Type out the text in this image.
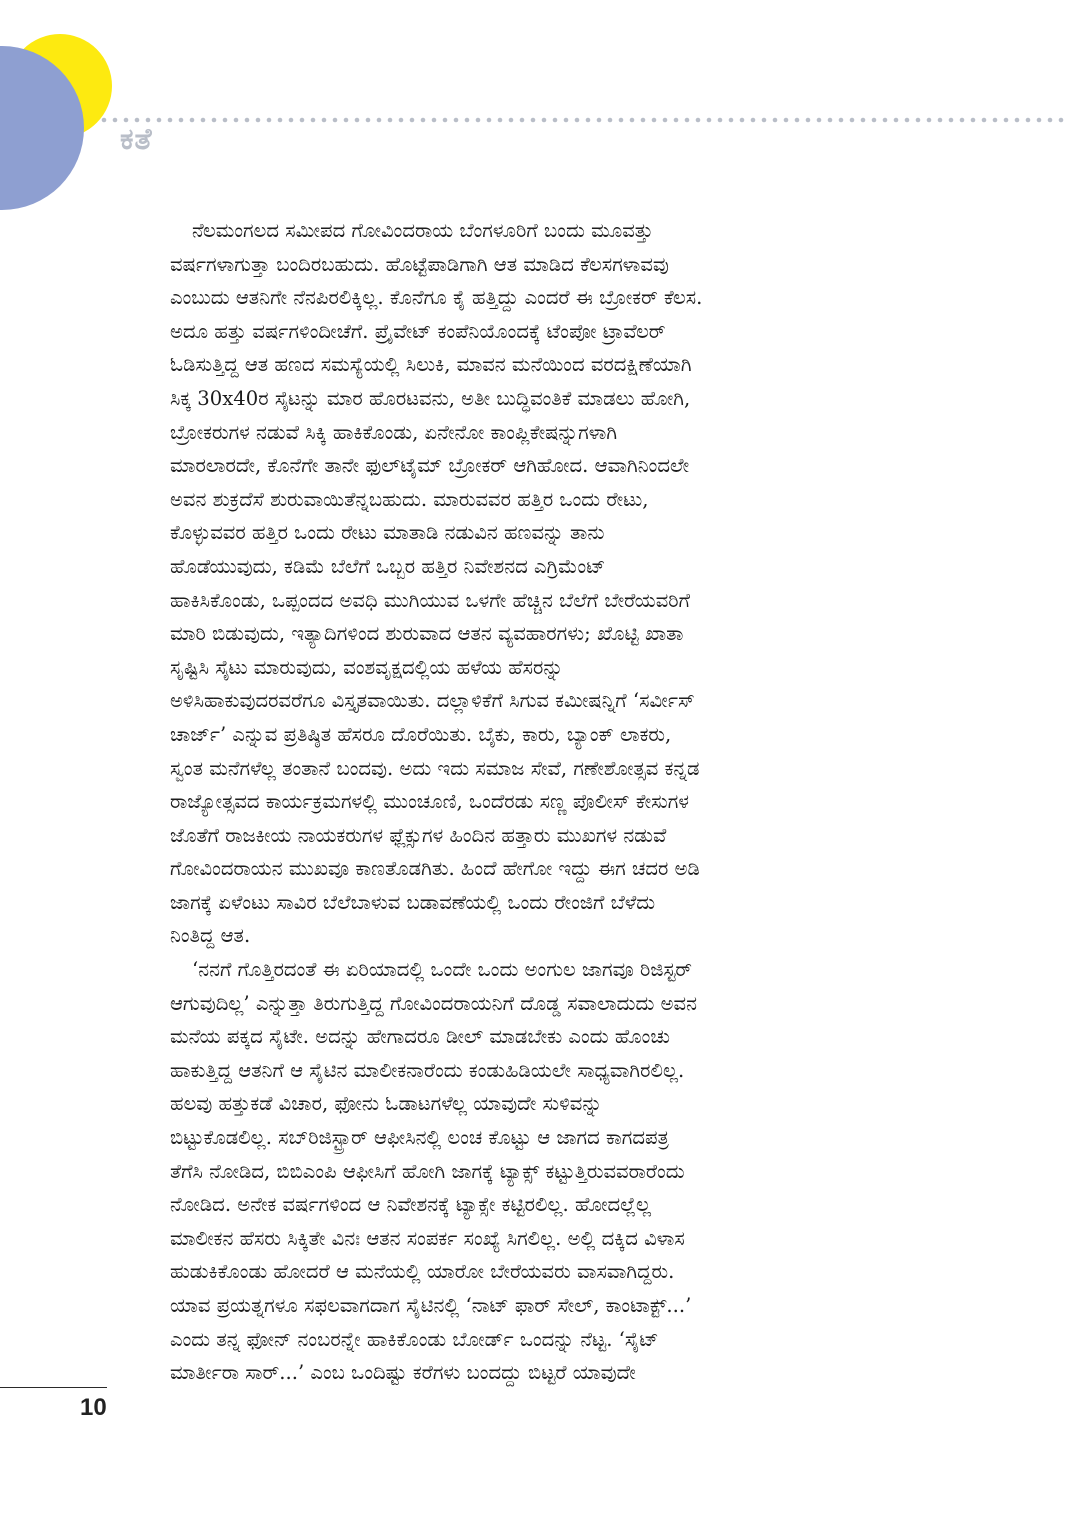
ಕತೆ

ನೆಲಮಂಗಲದ ಸಮೀಪದ ಗೋವಿಂದರಾಯ ಬೆಂಗಳೂರಿಗೆ ಬಂದು ಮೂವತ್ತು
ವರ್ಷಗಳಾಗುತ್ತಾ ಬಂದಿರಬಹುದು. ಹೊಟ್ಟೆಪಾಡಿಗಾಗಿ ಆತ ಮಾಡಿದ ಕೆಲಸಗಳಾವವು
ಎಂಬುದು ಆತನಿಗೇ ನೆನಪಿರಲಿಕ್ಕಿಲ್ಲ. ಕೊನೆಗೂ ಕೈ ಹತ್ತಿದ್ದು ಎಂದರೆ ಈ ಬ್ರೋಕರ್ ಕೆಲಸ.
ಅದೂ ಹತ್ತು ವರ್ಷಗಳಿಂದೀಚೆಗೆ. ಪ್ರೈವೇಟ್ ಕಂಪೆನಿಯೊಂದಕ್ಕೆ ಟೆಂಪೋ ಟ್ರಾವೆಲರ್
ಓಡಿಸುತ್ತಿದ್ದ ಆತ ಹಣದ ಸಮಸ್ಯೆಯಲ್ಲಿ ಸಿಲುಕಿ, ಮಾವನ ಮನೆಯಿಂದ ವರದಕ್ಷಿಣೆಯಾಗಿ
ಸಿಕ್ಕ 30x40ರ ಸೈಟನ್ನು ಮಾರ ಹೊರಟವನು, ಅತೀ ಬುದ್ಧಿವಂತಿಕೆ ಮಾಡಲು ಹೋಗಿ,
ಬ್ರೋಕರುಗಳ ನಡುವೆ ಸಿಕ್ಕಿ ಹಾಕಿಕೊಂಡು, ಏನೇನೋ ಕಾಂಪ್ಲಿಕೇಷನ್ನುಗಳಾಗಿ
ಮಾರಲಾರದೇ, ಕೊನೆಗೇ ತಾನೇ ಫುಲ್‌ಟೈಮ್ ಬ್ರೋಕರ್ ಆಗಿಹೋದ. ಆವಾಗಿನಿಂದಲೇ
ಅವನ ಶುಕ್ರದೆಸೆ ಶುರುವಾಯಿತೆನ್ನಬಹುದು. ಮಾರುವವರ ಹತ್ತಿರ ಒಂದು ರೇಟು,
ಕೊಳ್ಳುವವರ ಹತ್ತಿರ ಒಂದು ರೇಟು ಮಾತಾಡಿ ನಡುವಿನ ಹಣವನ್ನು ತಾನು
ಹೊಡೆಯುವುದು, ಕಡಿಮೆ ಬೆಲೆಗೆ ಒಬ್ಬರ ಹತ್ತಿರ ನಿವೇಶನದ ಎಗ್ರಿಮೆಂಟ್
ಹಾಕಿಸಿಕೊಂಡು, ಒಪ್ಪಂದದ ಅವಧಿ ಮುಗಿಯುವ ಒಳಗೇ ಹೆಚ್ಚಿನ ಬೆಲೆಗೆ ಬೇರೆಯವರಿಗೆ
ಮಾರಿ ಬಿಡುವುದು, ಇತ್ಯಾದಿಗಳಿಂದ ಶುರುವಾದ ಆತನ ವ್ಯವಹಾರಗಳು; ಖೊಟ್ಟಿ ಖಾತಾ
ಸೃಷ್ಟಿಸಿ ಸೈಟು ಮಾರುವುದು, ವಂಶವೃಕ್ಷದಲ್ಲಿಯ ಹಳೆಯ ಹೆಸರನ್ನು
ಅಳಿಸಿಹಾಕುವುದರವರೆಗೂ ವಿಸ್ತೃತವಾಯಿತು. ದಲ್ಲಾಳಿಕೆಗೆ ಸಿಗುವ ಕಮೀಷನ್ನಿಗೆ ‘ಸರ್ವೀಸ್
ಚಾರ್ಜ್’ ಎನ್ನುವ ಪ್ರತಿಷ್ಠಿತ ಹೆಸರೂ ದೊರೆಯಿತು. ಬೈಕು, ಕಾರು, ಬ್ಯಾಂಕ್ ಲಾಕರು,
ಸ್ವಂತ ಮನೆಗಳೆಲ್ಲ ತಂತಾನೆ ಬಂದವು. ಅದು ಇದು ಸಮಾಜ ಸೇವೆ, ಗಣೇಶೋತ್ಸವ ಕನ್ನಡ
ರಾಜ್ಯೋತ್ಸವದ ಕಾರ್ಯಕ್ರಮಗಳಲ್ಲಿ ಮುಂಚೂಣಿ, ಒಂದೆರಡು ಸಣ್ಣ ಪೊಲೀಸ್ ಕೇಸುಗಳ
ಜೊತೆಗೆ ರಾಜಕೀಯ ನಾಯಕರುಗಳ ಫ್ಲೆಕ್ಸುಗಳ ಹಿಂದಿನ ಹತ್ತಾರು ಮುಖಗಳ ನಡುವೆ
ಗೋವಿಂದರಾಯನ ಮುಖವೂ ಕಾಣತೊಡಗಿತು. ಹಿಂದೆ ಹೇಗೋ ಇದ್ದು ಈಗ ಚದರ ಅಡಿ
ಜಾಗಕ್ಕೆ ಏಳೆಂಟು ಸಾವಿರ ಬೆಲೆಬಾಳುವ ಬಡಾವಣೆಯಲ್ಲಿ ಒಂದು ರೇಂಜಿಗೆ ಬೆಳೆದು
ನಿಂತಿದ್ದ ಆತ.

‘ನನಗೆ ಗೊತ್ತಿರದಂತೆ ಈ ಏರಿಯಾದಲ್ಲಿ ಒಂದೇ ಒಂದು ಅಂಗುಲ ಜಾಗವೂ ರಿಜಿಸ್ಟರ್
ಆಗುವುದಿಲ್ಲ’ ಎನ್ನುತ್ತಾ ತಿರುಗುತ್ತಿದ್ದ ಗೋವಿಂದರಾಯನಿಗೆ ದೊಡ್ಡ ಸವಾಲಾದುದು ಅವನ
ಮನೆಯ ಪಕ್ಕದ ಸೈಟೇ. ಅದನ್ನು ಹೇಗಾದರೂ ಡೀಲ್ ಮಾಡಬೇಕು ಎಂದು ಹೊಂಚು
ಹಾಕುತ್ತಿದ್ದ ಆತನಿಗೆ ಆ ಸೈಟಿನ ಮಾಲೀಕನಾರೆಂದು ಕಂಡುಹಿಡಿಯಲೇ ಸಾಧ್ಯವಾಗಿರಲಿಲ್ಲ.
ಹಲವು ಹತ್ತುಕಡೆ ವಿಚಾರ, ಫೋನು ಓಡಾಟಗಳೆಲ್ಲ ಯಾವುದೇ ಸುಳಿವನ್ನು
ಬಿಟ್ಟುಕೊಡಲಿಲ್ಲ. ಸಬ್‌ರಿಜಿಸ್ಟ್ರಾರ್ ಆಫೀಸಿನಲ್ಲಿ ಲಂಚ ಕೊಟ್ಟು ಆ ಜಾಗದ ಕಾಗದಪತ್ರ
ತೆಗೆಸಿ ನೋಡಿದ, ಬಿಬಿಎಂಪಿ ಆಫೀಸಿಗೆ ಹೋಗಿ ಜಾಗಕ್ಕೆ ಟ್ಯಾಕ್ಸ್ ಕಟ್ಟುತ್ತಿರುವವರಾರೆಂದು
ನೋಡಿದ. ಅನೇಕ ವರ್ಷಗಳಿಂದ ಆ ನಿವೇಶನಕ್ಕೆ ಟ್ಯಾಕ್ಸೇ ಕಟ್ಟಿರಲಿಲ್ಲ. ಹೋದಲ್ಲೆಲ್ಲ
ಮಾಲೀಕನ ಹೆಸರು ಸಿಕ್ಕಿತೇ ವಿನಃ ಆತನ ಸಂಪರ್ಕ ಸಂಖ್ಯೆ ಸಿಗಲಿಲ್ಲ. ಅಲ್ಲಿ ದಕ್ಕಿದ ವಿಳಾಸ
ಹುಡುಕಿಕೊಂಡು ಹೋದರೆ ಆ ಮನೆಯಲ್ಲಿ ಯಾರೋ ಬೇರೆಯವರು ವಾಸವಾಗಿದ್ದರು.
ಯಾವ ಪ್ರಯತ್ನಗಳೂ ಸಫಲವಾಗದಾಗ ಸೈಟಿನಲ್ಲಿ ‘ನಾಟ್ ಫಾರ್ ಸೇಲ್, ಕಾಂಟಾಕ್ಟ್...’
ಎಂದು ತನ್ನ ಫೋನ್ ನಂಬರನ್ನೇ ಹಾಕಿಕೊಂಡು ಬೋರ್ಡ್ ಒಂದನ್ನು ನೆಟ್ಟ. ‘ಸೈಟ್
ಮಾರ್ತೀರಾ ಸಾರ್...’ ಎಂಬ ಒಂದಿಷ್ಟು ಕರೆಗಳು ಬಂದದ್ದು ಬಿಟ್ಟರೆ ಯಾವುದೇ

10
